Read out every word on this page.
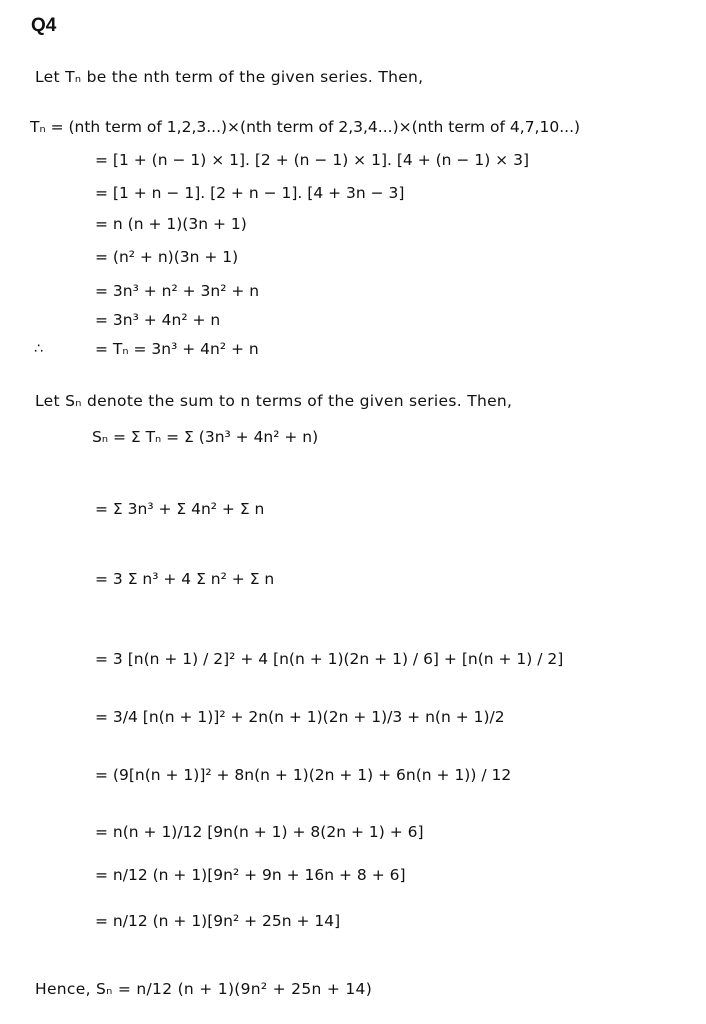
Q4
Let Tₙ be the nth term of the given series. Then,
Tₙ = (nth term of 1,2,3...)×(nth term of 2,3,4...)×(nth term of 4,7,10...)
= [1 + (n − 1) × 1]. [2 + (n − 1) × 1]. [4 + (n − 1) × 3]
= [1 + n − 1]. [2 + n − 1]. [4 + 3n − 3]
= n (n + 1)(3n + 1)
= (n² + n)(3n + 1)
= 3n³ + n² + 3n² + n
= 3n³ + 4n² + n
∴	= Tₙ = 3n³ + 4n² + n
Let Sₙ denote the sum to n terms of the given series. Then,
Sₙ = Σ Tₙ = Σ (3n³ + 4n² + n)
= Σ 3n³ + Σ 4n² + Σ n
= 3 Σ n³ + 4 Σ n² + Σ n
= 3 [n(n + 1) / 2]² + 4 [n(n + 1)(2n + 1) / 6] + [n(n + 1) / 2]
= 3/4 [n(n + 1)]² + 2n(n + 1)(2n + 1)/3 + n(n + 1)/2
= (9[n(n + 1)]² + 8n(n + 1)(2n + 1) + 6n(n + 1)) / 12
= n(n + 1)/12 [9n(n + 1) + 8(2n + 1) + 6]
= n/12 (n + 1)[9n² + 9n + 16n + 8 + 6]
= n/12 (n + 1)[9n² + 25n + 14]
Hence, Sₙ = n/12 (n + 1)(9n² + 25n + 14)
